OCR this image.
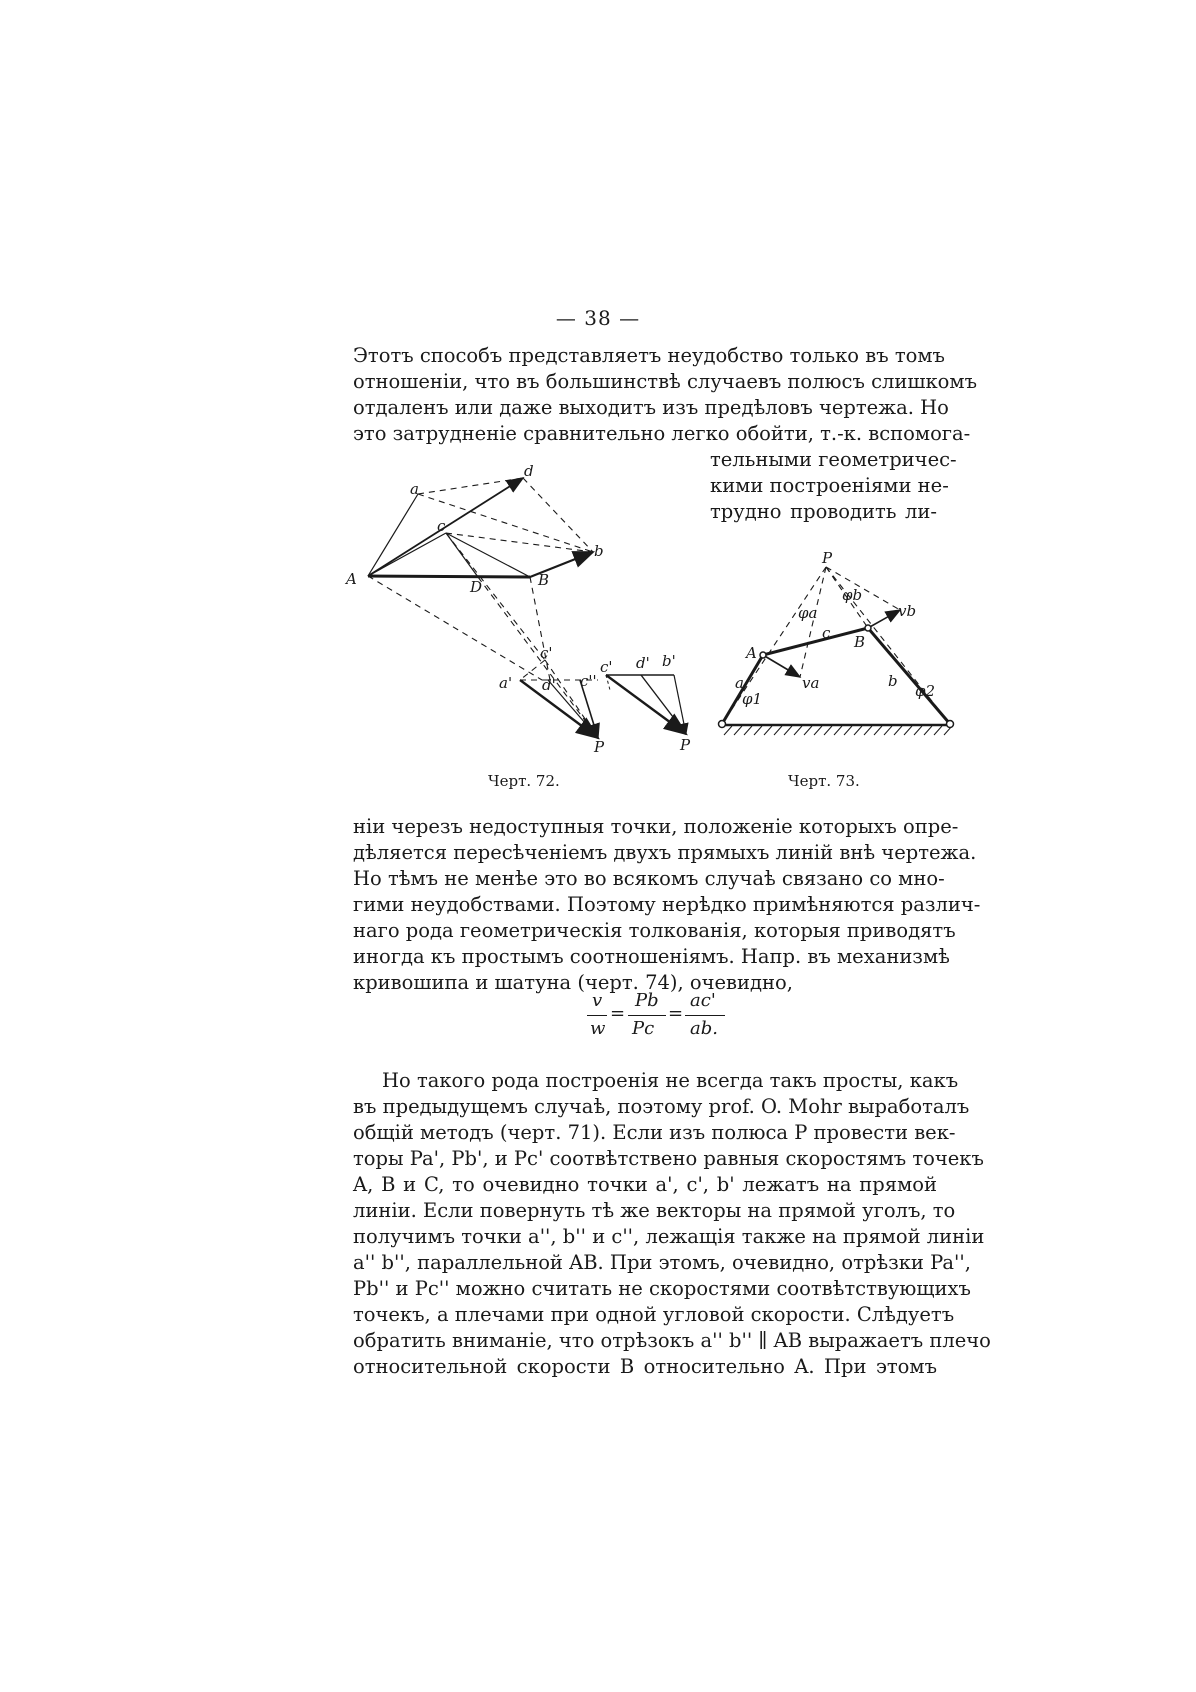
— 38 —
Этотъ способъ представляетъ неудобство только въ томъ
отношенiи, что въ большинствѣ случаевъ полюсъ слишкомъ
отдаленъ или даже выходитъ изъ предѣловъ чертежа. Но
это затрудненiе сравнительно легко обойти, т.-к. вспомога-
тельными геометричес-
кими построенiями не-
трудно проводить ли-
A	B
D
a
d
c
b
c'
a' d' c''
P
c' d' b'
P
P
φa
φb
A
B
c
a	b
vb
va
φ1	φ2
Черт. 72.	Черт. 73.
нiи черезъ недоступныя точки, положенiе которыхъ опре-
дѣляется пересѣченiемъ двухъ прямыхъ линiй внѣ чертежа.
Но тѣмъ не менѣе это во всякомъ случаѣ связано со мно-
гими неудобствами. Поэтому нерѣдко примѣняются различ-
наго рода геометрическiя толкованiя, которыя приводятъ
иногда къ простымъ соотношенiямъ. Напр. въ механизмѣ
кривошипа и шатуна (черт. 74), очевидно,
v
w
=
Pb
Pc
=
ac'
ab.
Но такого рода построенiя не всегда такъ просты, какъ
въ предыдущемъ случаѣ, поэтому prof. O. Mohr выработалъ
общiй методъ (черт. 71). Если изъ полюса P провести век-
торы Pa', Pb', и Pc' соотвѣтствено равныя скоростямъ точекъ
A, B и C, то очевидно точки a', c', b' лежатъ на прямой
линiи. Если повернуть тѣ же векторы на прямой уголъ, то
получимъ точки a'', b'' и c'', лежащiя также на прямой линiи
a'' b'', параллельной AB. При этомъ, очевидно, отрѣзки Pa'',
Pb'' и Pc'' можно считать не скоростями соотвѣтствующихъ
точекъ, а плечами при одной угловой скорости. Слѣдуетъ
обратить вниманiе, что отрѣзокъ a'' b'' ∥ AB выражаетъ плечо
относительной скорости B относительно A. При этомъ
